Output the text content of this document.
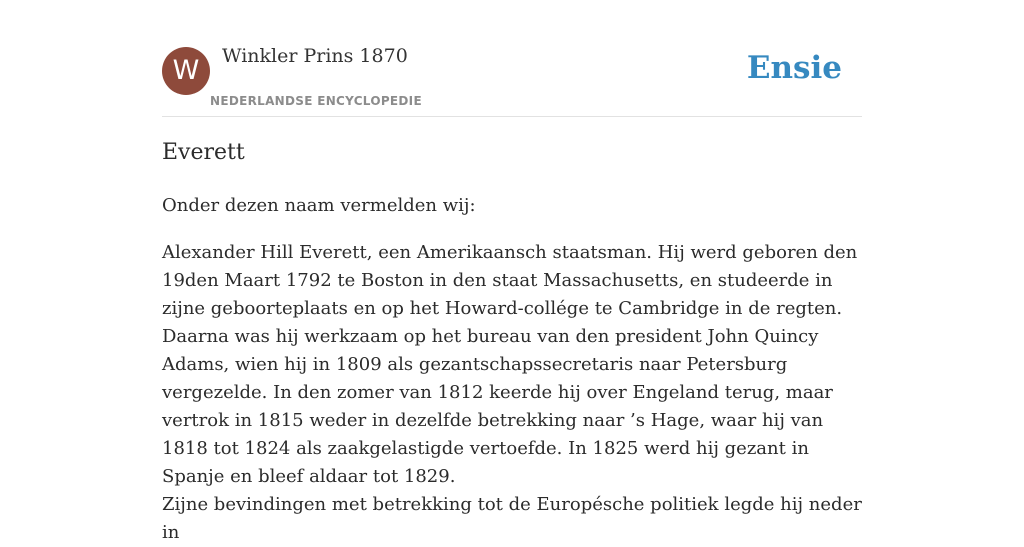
W	Winkler Prins 1870
NEDERLANDSE ENCYCLOPEDIE
Ensie
Everett

Onder dezen naam vermelden wij:

Alexander Hill Everett, een Amerikaansch staatsman. Hij werd geboren den 19den Maart 1792 te Boston in den staat Massachusetts, en studeerde in zijne geboorteplaats en op het Howard-collége te Cambridge in de regten. Daarna was hij werkzaam op het bureau van den president John Quincy Adams, wien hij in 1809 als gezantschapssecretaris naar Petersburg vergezelde. In den zomer van 1812 keerde hij over Engeland terug, maar vertrok in 1815 weder in dezelfde betrekking naar ’s Hage, waar hij van 1818 tot 1824 als zaakgelastigde vertoefde. In 1825 werd hij gezant in Spanje en bleef aldaar tot 1829.

Zijne bevindingen met betrekking tot de Europésche politiek legde hij neder in
